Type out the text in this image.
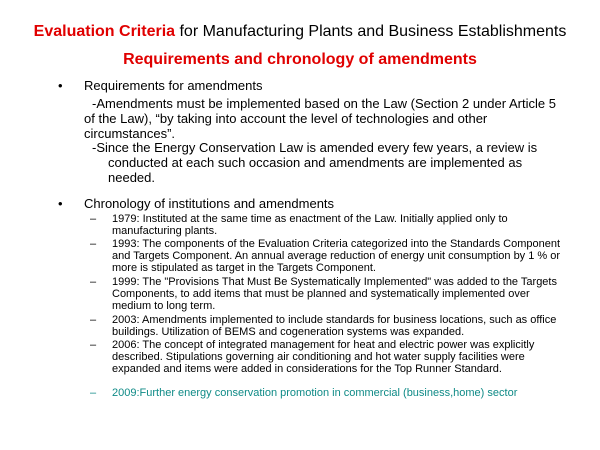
Evaluation Criteria for Manufacturing Plants and Business Establishments
Requirements and chronology of amendments
• Requirements for amendments
-Amendments must be implemented based on the Law (Section 2 under Article 5 of the Law), “by taking into account the level of technologies and other circumstances”.
-Since the Energy Conservation Law is amended every few years, a review is conducted at each such occasion and amendments are implemented as needed.
• Chronology of institutions and amendments
– 1979: Instituted at the same time as enactment of the Law. Initially applied only to manufacturing plants.
– 1993: The components of the Evaluation Criteria categorized into the Standards Component and Targets Component. An annual average reduction of energy unit consumption by 1 % or more is stipulated as target in the Targets Component.
– 1999: The "Provisions That Must Be Systematically Implemented" was added to the Targets Components, to add items that must be planned and systematically implemented over medium to long term.
– 2003: Amendments implemented to include standards for business locations, such as office buildings. Utilization of BEMS and cogeneration systems was expanded.
– 2006: The concept of integrated management for heat and electric power was explicitly described. Stipulations governing air conditioning and hot water supply facilities were expanded and items were added in considerations for the Top Runner Standard.
– 2009:Further energy conservation promotion in commercial (business,home) sector
